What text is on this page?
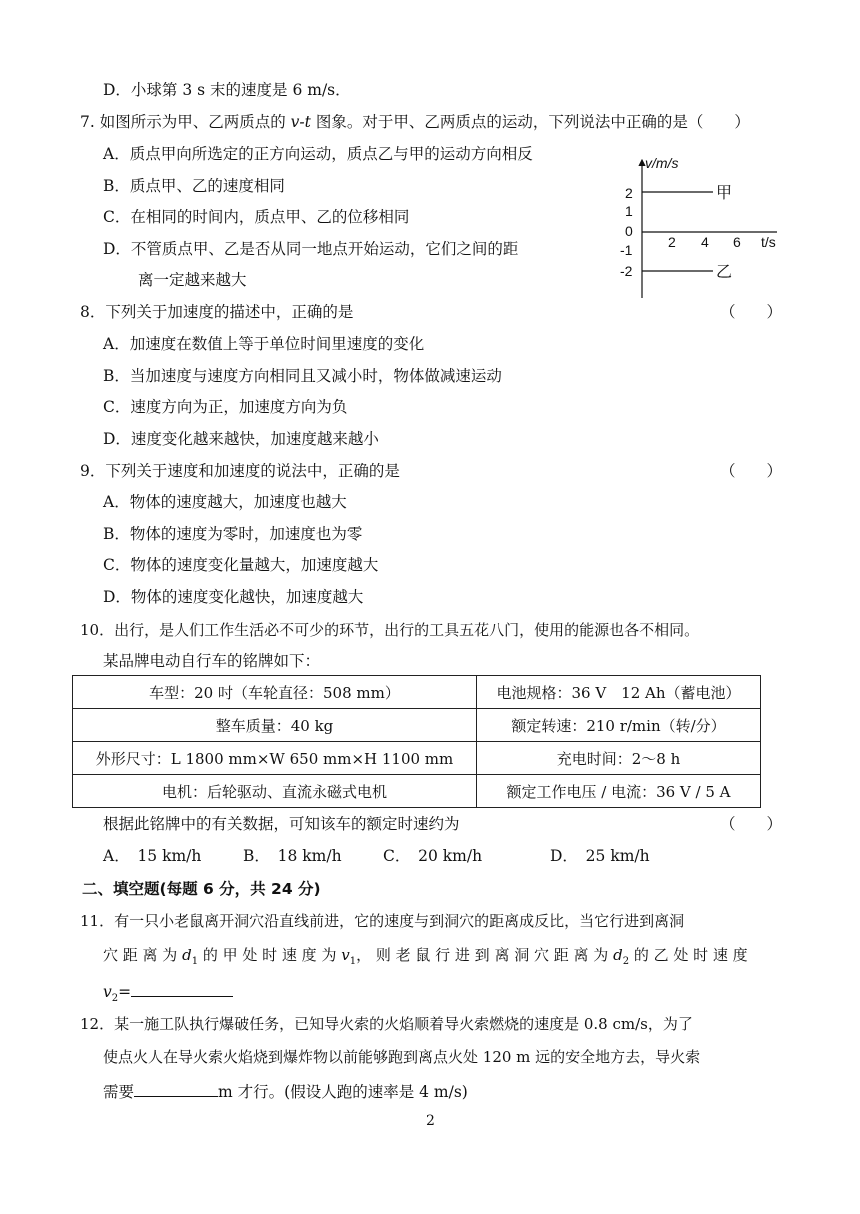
D．小球第 3 s 末的速度是 6 m/s．
7. 如图所示为甲、乙两质点的 v-t 图象。对于甲、乙两质点的运动，下列说法中正确的是（　　）
A．质点甲向所选定的正方向运动，质点乙与甲的运动方向相反
B．质点甲、乙的速度相同
C．在相同的时间内，质点甲、乙的位移相同
D．不管质点甲、乙是否从同一地点开始运动，它们之间的距
离一定越来越大
v/m/s
t/s
2
1
0
-1
-2
2 4 6
甲
乙
8．下列关于加速度的描述中，正确的是	（　　）
A．加速度在数值上等于单位时间里速度的变化
B．当加速度与速度方向相同且又减小时，物体做减速运动
C．速度方向为正，加速度方向为负
D．速度变化越来越快，加速度越来越小
9．下列关于速度和加速度的说法中，正确的是	（　　）
A．物体的速度越大，加速度也越大
B．物体的速度为零时，加速度也为零
C．物体的速度变化量越大，加速度越大
D．物体的速度变化越快，加速度越大
10．出行，是人们工作生活必不可少的环节，出行的工具五花八门，使用的能源也各不相同。
某品牌电动自行车的铭牌如下：
车型：20 吋（车轮直径：508 mm）	电池规格：36 V　12 Ah（蓄电池）
整车质量：40 kg	额定转速：210 r/min（转/分）
外形尺寸：L 1800 mm×W 650 mm×H 1100 mm	充电时间：2～8 h
电机：后轮驱动、直流永磁式电机	额定工作电压 / 电流：36 V / 5 A
根据此铭牌中的有关数据，可知该车的额定时速约为	（　　）
A．　15 km/h	B．　18 km/h	C．　20 km/h	D．　25 km/h
二、填空题(每题 6 分，共 24 分)
11．有一只小老鼠离开洞穴沿直线前进，它的速度与到洞穴的距离成反比，当它行进到离洞
穴 距 离 为 $d_1$ 的 甲 处 时 速 度 为 $v_1$， 则 老 鼠 行 进 到 离 洞 穴 距 离 为 $d_2$ 的 乙 处 时 速 度
$v_2=$
12．某一施工队执行爆破任务，已知导火索的火焰顺着导火索燃烧的速度是 0.8 cm/s，为了
使点火人在导火索火焰烧到爆炸物以前能够跑到离点火处 120 m 远的安全地方去，导火索
需要	m 才行。(假设人跑的速率是 4 m/s)
2
